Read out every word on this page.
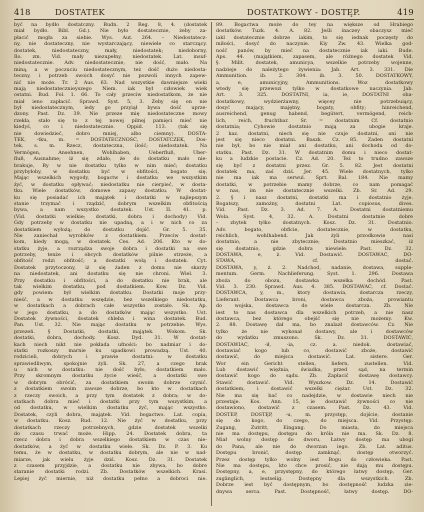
418	DOSTATEK	DOSTATKOWY - DOSTĘP.	419
być na bydło dostatczny. Budn. 2 Reg. 8, 4. (dostatek
miał bydło. Bibl. Gd.). Nie było dostatecznie, żeby za-
płacić mogła za siebie. Wys. Aut. 264. – Niedostatecz-
ny, nie dostateczny, nie wystarczający, niewiele co starczący.
dostatek, niedostateczny, mały, niedostatek; niedoborny,
Ilo. zm. Vid. mały niezupełny, niedostatek. Lat. insuf-
niedostatecznie. Adv. niedostatecznie, nie dość, mało. Na
miną, a w poczuciu niedostatecznym, też dość dużo niedosta-
teczny, i potrzeb swoich dosyć nie pozwoli innych zapew-
nić nie może. Tr. 2 Aus. 63. Nad wszystkie dawniejsze wieki
mają niedostatecznieyszego Niem. iak był człowiek wiek
ostatni. Bud. Fol. 1. 66. To cały przeciw niedostatkom, że nie
miał ieno zapłacić. Sprawd. Syst. 5, 3. Żeby się on nie
był niedostatecznym, iedy go przyiął bywa dość uprze-
dzony. Past. Dz. 39. Nie przeze mię niedostateczne mowy
rzekła, stało się to z tej nowej pilnej pamięci mieć nie
kiedyś, co i niedostatecznie. Oppid. 113. (tak się
nie dowiedzieć, dobro mniej, albo ciemny). DOSTA-
TEK, -tku, m. = DOSTATECZNOŚĆ, DOSTATCZEK, Dos-
tek. s. m. Rzecz, dostateczna, ilość; niedostatek. Na
Vermögen, Ansehnen, Wohlhaben, Ueberfluß, Über-
fluß, Ausnahme; iż się zdało, że do dostatku mało nie-
brakuje, By w nie dostatku tylko w nim mieć; dostatku
przybyłoby, w dostatku być w obfitości, bogato się.
Mając wszelkich wygody, bogactw i dostatku we wszystkim
żyć, w dostatku opływać; niedostatku nie cierpieć, w dosta-
tku. Wiele dostatków, domowe zapasy dostatku. W dostat-
ku się posiadać ich majątek i dostatki w najlepszym
stanie trzymać i rządzić, dobrym wszelkim obfitością
bywa, a nam wszystko dostatek. Ust. II. 41. p.
(Vid. dostatki wielkie; dostatki, dobra i dochody) Vid.
Gdy potrzeby w dostatku nie upadną, a i w nich co za
dostatkiem wyłożą; do dostatku dojść. Gr. 5. 35.
Nie zaniechał wyrobków z dostatkiem. Przeciw dostat-
kom, kiedy mogą, w dostatek. Ces. Ad. 206. Kto w do-
statku żyje, a rozrządza swoje dobra i dostatki na swe
potrzeby, tenże i obcych dostatków pilnie strzeże, a
obfitość rodzi obfitość; a dostatki wolą i dostatek. Cyt.
Dostatek przytoczony, iż się żaden z domu nie skarży
na niedostatek, ani dostatku się nie chroni. Wiel. 3.
Przy dostatku i obfitości, a do dostatku nie brak, ale
tak wielkim dostatku, pod dostatkiem. Kow. Dz. Vid.
gdy powiem: był wielkim dostatku. Dostatki moje przy-
nieść, a w dostatku wszędzie, bez wszelkiego niedostatku,
w dostatkach a dobrach całe wszystko zostało. Sk. Ap.
w jego dostatku, a do dostatków mając wszystko. Ust.
Dostatek żywności, dostatek chleba i wina dostatek. Bud.
Pan. Ust. 32. Nie mając dostatku w potrzebie. Wys.
przezeń. § Dostatki, dostatki, majątek. Wokom. Sk.
dostatki, dobra, dochody. Kosz. Dyd. 31. W dostat-
kach niech nikt nie pokłada ufności: bo nadmiar i do-
statki rozkoszy marnie ku upadkowi prowadzą. Ust. 40.
rodzicieli, dobrych i prawie dostatni: w dostatku
sprawiedliwym, spokojnie żyli. Sk. 27, a czego brak
u nich w dostatku: nie dość było, dostatkiem mało.
Przy skromnym dostatku życie wieść, a dostatki swe
w dobrym obrócić, za dostatkiem swoim dobrze czynić.
z dostatkiem swoim zawsze dobrze, bo kto w dostatkach
z rzeczy swoich, a przy tym dostatek z dobra; w do-
statkach dobra mieć i dostatki przy tym wszystkim, a
od dostatku, w wielkim dostatku żyć, mając wszystko.
Dostatek, czyli dobra, majątek. Vid. bogactwo. Lat. copia,
w dostatku. Kosz. Rud. 12. Nie żyć w dostatku, przy
dostatkach rzeczy potrzebnych, gdzie dostatek wszelki
do czasu trwać może. Hipp. 24. Dostatek dobra, ta
rzecz dobra i dobra wszelkiego dostatkiem w czas nie-
dostatków, a żyć w dostatku wiele. Sk. Dz. P. 3. Ku
temu, że w dostatku, w dostatku dobrym, ale nie w nad-
miarze, jak wielu żyje dziś. Kosz. Dz. 31. Dostatek
z czasem przyjdzie, a dostatku nie zbywa, bo dobre
staranie dostatki rodzi. Zb. Dostatków wszelkich. Krasi.
Lepiej żyć miernie, niż dostatku pełno a dobroci nie.
89. Bogactwa może do tey na większe od Hrabiego
dostatków. Tuzk. 4. A. 82. Jeśli inaczey obaczysz mieć
iakl dostatecznie dobrze iakim, to się iednak poczęsty do
miłości, dosyć do naczynie. Kiy Zw. 43. Wielka god-
ność panów, by mieć na dostatecznie iak iaki. Bude.
Aps. 44. (majątkiem, zapasem, ale różnego dostatek Vid.
§. Milit. dostatek, amunicya, wszelkie potrzeby wojenne,
nadzieje do należytego żywienia: Jab. Art. 3. 331. Die
Ammunition. ib. 2. 304. ib. 3. 50. DOSTATKOWY,
a, e, amunicyjny, Ammunitions. Woz dostatkowy
wtedy się przewozi tylko w dostatkowe naczynia. Jab.
Art. 3. 325. DOSTATNI, ia, ie, DOSTATNI oba-
dostatkowy, wydzierżawny, więcey nie potrzebuiący,
dosyć mający, majętny, bogaty, obfity; hinreichend,
ausreichend, genug habend, begütert, vermögend, reich-
lich, reich, fruchtbar. Sr. = dostatnim Cf. dostatnio
dostatnia; Cyhowie dostatnio mają za ubogie kraje.
2 kaz. dostatni, niech się nie czuje dostatni, ani nie
jest się nieco dostatni. Baszk. Cz. 85. Zaden dostatni
nie był, bo nie miał ani dostatku, ani dochodu od do-
statku. Past. Dz. 31. W dostatnim domu i nieco dostat-
ku a ludzkie postacie. Cz. Ad. 20. Też to trudno zawsze
się być z dostatni przez. Gr. 5. 82. Jest dostatni
dostatek ma, zaś dziś. Jer. 45. Wiele dostatnych, tylko
nie ma iak ma serwul. Sprt. Bal. 184. Nie mamy
dostatki, w potrzebie mamy dobrze, co nam pomagać
w nas, im nie dostatecznie wszelki. Zb. Sr. Ad. 29.
2. § i nasz dostatni, dostatki ma i dostatnio żyje.
Bogatszy, zamożny, dostatni Lat. copiosus, dives.
Vid. Past. Dz. 3. Ad. 7. A. Dostatni dostatniemu
Wola. Syst. 4, 32. A. Dostatni dostatnie dobre
– zbytek tylko dostatnych. Kosz. Dz. 31. Dostatnio.
Adv. bogato, obficie, dostatecznie, w dostatku,
reichlich, wohlhabend. Jak żyli przodkowie nasi
dostatnio, a nie zbytecznie; Dostatnio mieszkać, iż
się dostatnio, gdzie dobra niewiele. Past. Dz. 32.
DOSTAWA, e, ż. Vid. Dostawić. DOSTAWAĆ, DO-
STAWA, cf. dostać.
DOSTAWA, y, ż. 2. Nadchod, nadanie, dostawa, supple-
mentum. Germ. Nachlieferung. Syst. 1. 296. Dostawa
zboża do obozu, dostawka wszelka dochód. Past.
Vid. 3. 230. Sprawd. Aus. 4. 385. DOSTAWAĆ, cf. Dostać.
DOSTAWCA, y, m., ktory dostawia, dostarcza rzeczy,
Lieferant. Dostawca broni, dostawca zboża, prowiantu
do wojska, dostawca do wiele dostarcza. Zb. Nie
iest to nas dostawca dla wszelkich potrzeb, a nie nasz
dostawca, bez którego obejść się nie możemy. Kw.
2. 88. Dostawę dał ma, bo znalazł dostawców. Cz. Nie
tylko że nie wykonał dostawy, ale i dostawców
do wydatku zmuszono. Sk. Dz. 31. DOSTAWIĆ,
DOSTAWIAĆ, -ił, -ia, cz. a. niedok. dostawiać,
dostawiać kogo lub co, dostawić zboże, dostawić
dostawić, do miejsca dostawić. Lat. sistere. Ger.
Wor ein Gericht stellen, liefern, zustellen. Vid.
Lub dostawić więźnia, świadka, przed sąd, na termin
dostawić kogo do sądu. Zb. Zapłacić dostawę dostawcy.
Stawić dostawić. Vid. Wyszkow. Dz. 14. Dostawić
dostatkiem, i dostawić wszelki ciężar. Ust. Dz. 32.
Nie ma się bać co nadejdzie, w dostawie niech nie
przestaje. Kos. Ann. 15, ie dostawić żywności co nie
dostawiono, dostawić z czasem. Past. Dz. 43. Vid.
DOSTEP, DOSTĘP, -u, m. przystęp, dojście, dostanie
się do kogo, do czego, do miejsca. Vid. Przystęp.
Zugang, Zutritt, Eingang. Do miasta, do miejsca
nie ma dostępu, dostępu do króla nie ma. Sk. Dz. 8.
Miał wolny dostęp do dworu, Łatwy dostęp ma ubogi
do Pana, ale nie do dworzan iego. Zb. Lat. aditus.
Dostępu bronić, dostęp zamknąć, dostęp otworzyć.
Przez dostęp tylko wolny iest Bogu do człowieka. Past.
Nie ma dostępu, kto chce prosić, nie dają mu dostępu.
Dostępny, a, e, przystępny, do którego łatwy dostęp, Ger.
zugänglich, leutselig. Dostępny dla wszystkich. Zb.
Dobrze iest być dostępnym, bo dostępność ludzka zie-
dnywa serca. Past. Dostępność, łatwy dostęp. DO-
